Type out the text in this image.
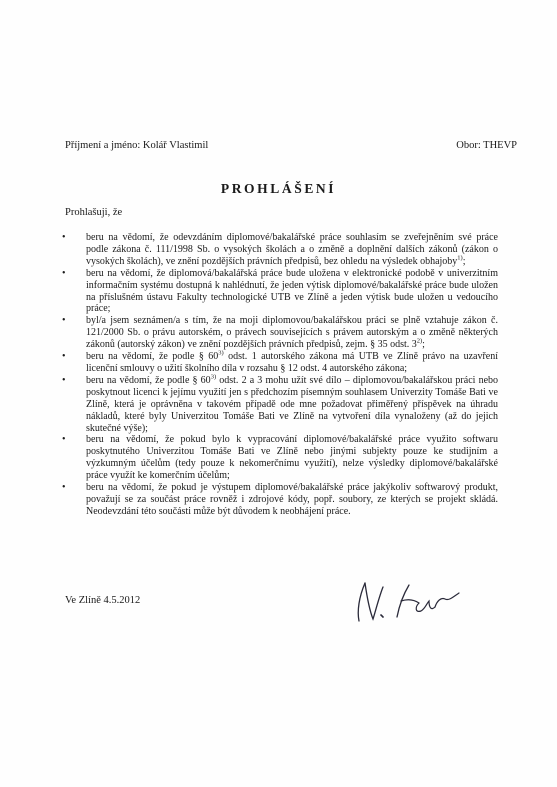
Příjmení a jméno: Kolář Vlastimil	Obor: THEVP
PROHLÁŠENÍ
Prohlašuji, že
• beru na vědomí, že odevzdáním diplomové/bakalářské práce souhlasím se zveřejněním své práce podle zákona č. 111/1998 Sb. o vysokých školách a o změně a doplnění dalších zákonů (zákon o vysokých školách), ve znění pozdějších právních předpisů, bez ohledu na výsledek obhajoby$^{1)}$;
• beru na vědomí, že diplomová/bakalářská práce bude uložena v elektronické podobě v univerzitním informačním systému dostupná k nahlédnutí, že jeden výtisk diplomové/bakalářské práce bude uložen na příslušném ústavu Fakulty technologické UTB ve Zlíně a jeden výtisk bude uložen u vedoucího práce;
• byl/a jsem seznámen/a s tím, že na moji diplomovou/bakalářskou práci se plně vztahuje zákon č. 121/2000 Sb. o právu autorském, o právech souvisejících s právem autorským a o změně některých zákonů (autorský zákon) ve znění pozdějších právních předpisů, zejm. § 35 odst. 3$^{2)}$;
• beru na vědomí, že podle § 60$^{3)}$ odst. 1 autorského zákona má UTB ve Zlíně právo na uzavření licenční smlouvy o užití školního díla v rozsahu § 12 odst. 4 autorského zákona;
• beru na vědomí, že podle § 60$^{3)}$ odst. 2 a 3 mohu užít své dílo – diplomovou/bakalářskou práci nebo poskytnout licenci k jejímu využití jen s předchozím písemným souhlasem Univerzity Tomáše Bati ve Zlíně, která je oprávněna v takovém případě ode mne požadovat přiměřený příspěvek na úhradu nákladů, které byly Univerzitou Tomáše Bati ve Zlíně na vytvoření díla vynaloženy (až do jejich skutečné výše);
• beru na vědomí, že pokud bylo k vypracování diplomové/bakalářské práce využito softwaru poskytnutého Univerzitou Tomáše Bati ve Zlíně nebo jinými subjekty pouze ke studijním a výzkumným účelům (tedy pouze k nekomerčnímu využití), nelze výsledky diplomové/bakalářské práce využít ke komerčním účelům;
• beru na vědomí, že pokud je výstupem diplomové/bakalářské práce jakýkoliv softwarový produkt, považují se za součást práce rovněž i zdrojové kódy, popř. soubory, ze kterých se projekt skládá. Neodevzdání této součásti může být důvodem k neobhájení práce.
Ve Zlíně 4.5.2012
